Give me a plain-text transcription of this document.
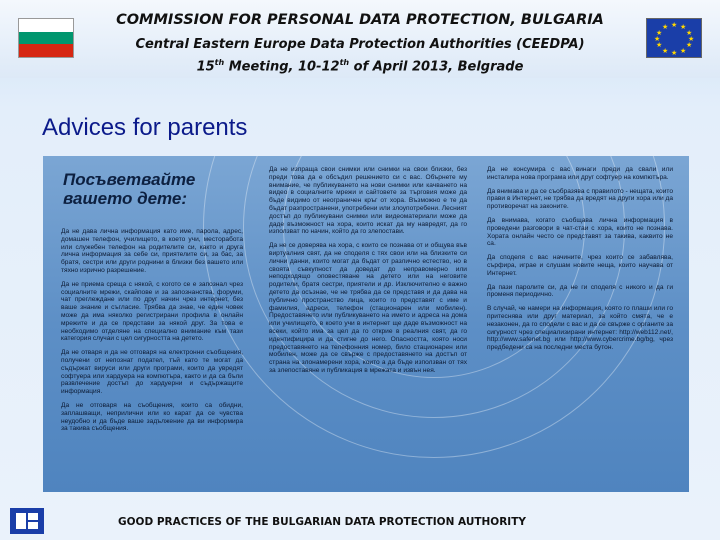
COMMISSION FOR PERSONAL DATA PROTECTION, BULGARIA
Central Eastern Europe Data Protection Authorities (CEEDPA)
15th Meeting, 10-12th of April 2013, Belgrade
★ ★
★
★
★
★
★
★
★
★
★
★
Advices for parents
Посъветвайте
вашето дете:

Да не дава лична информация като име, парола, адрес, домашен телефон, училището, в което учи, месторабота или служебен телефон на родителите си, както и друга лична информация за себе си, приятелите си, за бас, за братя, сестри или други роднини в близки без вашето или тяхно изрично разрешение.

Да не приема среща с някой, с когото се е запознал чрез социалните мрежи, скайпове и за запознанства, форуми, чат преглеждане или по друг начин чрез интернет, без ваше знание и съгласие. Трябва да знае, че един човек може да има няколко регистрирани профила в онлайн мрежите и да се представи за някой друг. За това е необходимо отделяне на специално внимание към тази категория случаи с цел сигурността на детето.

Да не отваря и да не отговаря на електронни съобщения, получени от непознат подател, тъй като те могат да съдържат вируси или други програми, които да увредят софтуера или хардуера на компютъра, както и да са бъли развлечение достъп до хардуерни и съдържащите информация.

Да не отговаря на съобщения, които са обидни, заплашващи, неприлични или ко карат да се чувства неудобно и да бъде ваше задължение да ви информира за такива съобщения.

Да не изпраща свои снимки или снимки на свои близки, без преди това да е обсъдил решението си с вас. Обърнете му внимание, че публикуването на нови снимки или качването на видео в социалните мрежи и сайтовете за търговия може да бъде видимо от неограничен кръг от хора. Възможно е те да бъдат разпространени, употребени или злоупотребени. Лесният достъп до публикувани снимки или видеоматериали може да даде възможност на хора, които искат да му навредят, да го използват по начин, който да го злепостави.

Да не се доверява на хора, с които се познава от и общува във виртуалния свят, да не споделя с тях свои или на близките си лични данни, които могат да бъдат от различно естество, но в своята съвкупност да доведат до неправомерно или неподходящо оповестяване на детето или на неговите родители, братя сестри, приятели и др. Изключително е важно детето да осъзнае, че не трябва да се представя и да дава на публично пространство лица, които го представят с име и фамилия, адреси, телефон (стационарен или мобилен). Предоставянето или публикуването на името и адреса на дома или училището, в което учи в интернет ще даде възможност на всеки, който има за цел да го открие в реалния свят, да го идентифицира и да стигне до него. Опасността, която носи предоставянето на телефонния номер, било стационарен или мобилен, може да се свърже с предоставянето на достъп от страна на злонамерени хора, които а да бъде използван от тях за злепоставяне и публикация в мрежата и извън нея.

Да не консумира с вас винаги преди да свали или инсталира нова програма или друг софтуер на компютъра.

Да внимава и да се съобразява с правилото - нещата, които прави в Интернет, не трябва да вредят на други хора или да противоречат на законите.

Да внимава, когато съобщава лична информация в проведени разговори в чат-стаи с хора, които не познава. Хората онлайн често се представят за такива, каквито не са.

Да споделя с вас начините, чрез които се забавлява, сърфира, играе и слушам новите неща, които научава от Интернет.

Да пази паролите си, да не ги споделя с никого и да ги променя периодично.

В случай, че намери на информация, която го плаши или го притеснява или друг материал, за който смята, че е незаконен, да го сподели с вас и да се свърже с органите за сигурност чрез специализирани интернет: http://web112.net/, http://www.safenet.bg или http://www.cybercrime.bg/bg, чрез предбедени са на последни места бутон.

GOOD PRACTICES OF THE BULGARIAN DATA PROTECTION AUTHORITY
